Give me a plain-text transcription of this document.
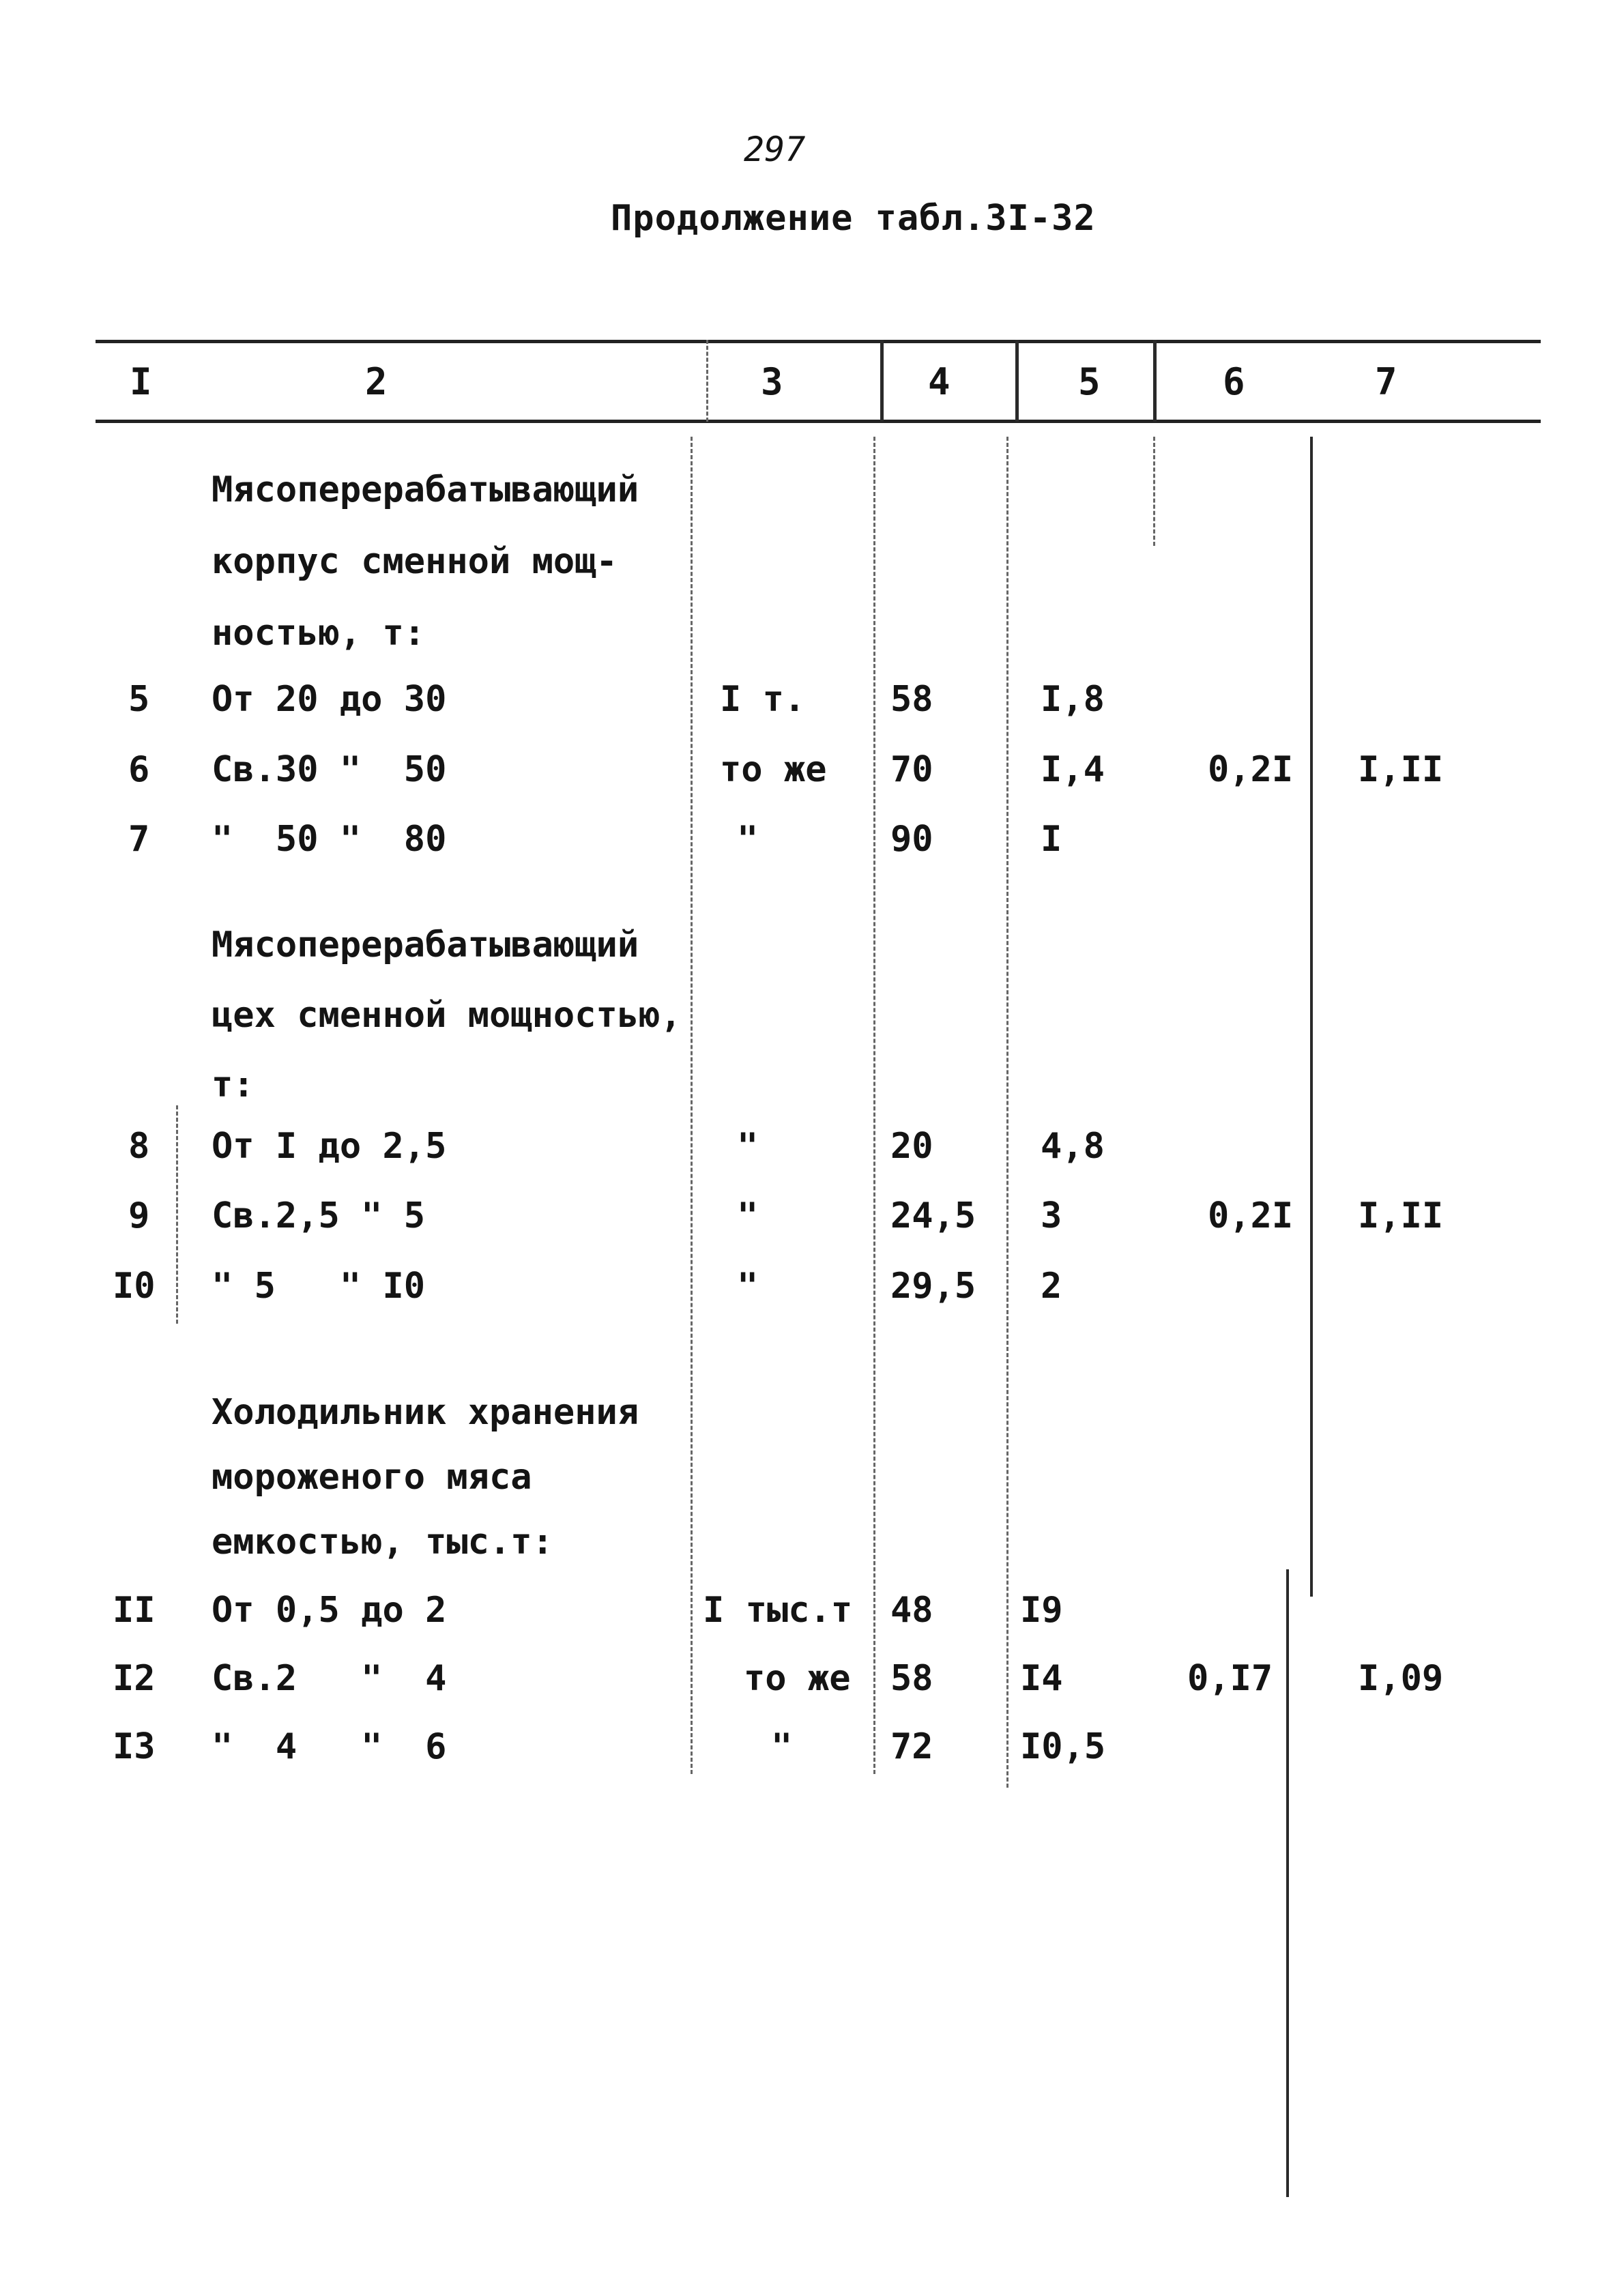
297
Продолжение табл.3I-32
I	2	3	4	5	6	7
Мясоперерабатывающий
корпус сменной мощ-
ностью, т:
5 От 20 до 30	I т. 58	I,8
6 Св.30 "  50	то же 70	I,4	0,2I I,II
7 "  50 "  80	"	90	I
Мясоперерабатывающий
цех сменной мощностью,
т:
8 От I до 2,5	"	20	4,8
9 Св.2,5 " 5	"	24,5 3	0,2I I,II
I0 " 5   " I0	"	29,5 2
Холодильник хранения
мороженого мяса
емкостью, тыс.т:
II От 0,5 до 2	I тыс.т 48 I9
I2 Св.2   "  4	то же 58 I4	0,I7 I,09
I3 "  4   "  6	"	72 I0,5
